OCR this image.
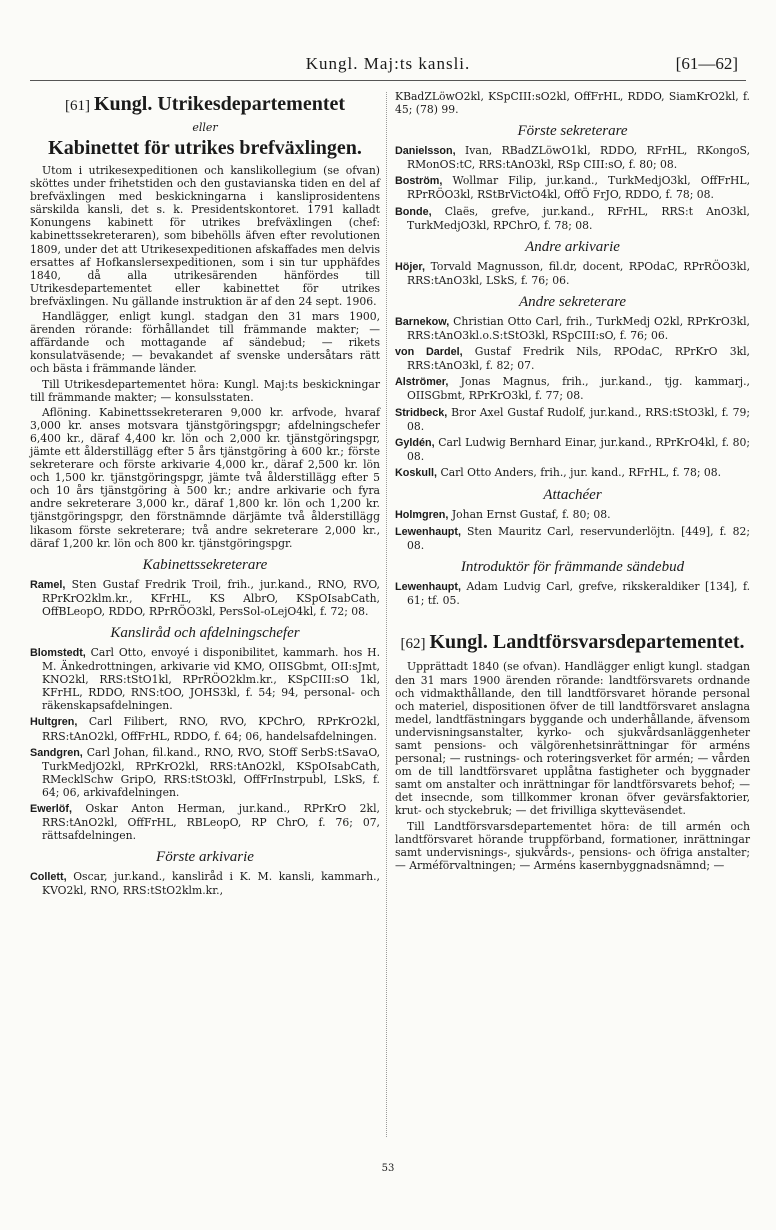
Kungl. Maj:ts kansli.	[61—62]
[61] Kungl. Utrikesdepartementet
eller
Kabinettet för utrikes brefväxlingen.

Utom i utrikesexpeditionen och kanslikollegium (se ofvan) sköttes under frihetstiden och den gustavianska tiden en del af brefväxlingen med beskickningarna i kansliprosidentens särskilda kansli, det s. k. Presidentskontoret. 1791 kalladt Konungens kabinett för utrikes brefväxlingen (chef: kabinettssekreteraren), som bibehölls äfven efter revolutionen 1809, under det att Utrikesexpeditionen afskaffades men delvis ersattes af Hofkanslersexpeditionen, som i sin tur upphäfdes 1840, då alla utrikesärenden hänfördes till Utrikesdepartementet eller kabinettet för utrikes brefväxlingen. Nu gällande instruktion är af den 24 sept. 1906.

Handlägger, enligt kungl. stadgan den 31 mars 1900, ärenden rörande: förhållandet till främmande makter; — affärdande och mottagande af sändebud; — rikets konsulatväsende; — bevakandet af svenske undersåtars rätt och bästa i främmande länder.

Till Utrikesdepartementet höra: Kungl. Maj:ts beskickningar till främmande makter; — konsulsstaten.

Aflöning. Kabinettssekreteraren 9,000 kr. arfvode, hvaraf 3,000 kr. anses motsvara tjänstgöringspgr; afdelningschefer 6,400 kr., däraf 4,400 kr. lön och 2,000 kr. tjänstgöringspgr, jämte ett ålderstillägg efter 5 års tjänstgöring à 600 kr.; förste sekreterare och förste arkivarie 4,000 kr., däraf 2,500 kr. lön och 1,500 kr. tjänstgöringspgr, jämte två ålderstillägg efter 5 och 10 års tjänstgöring à 500 kr.; andre arkivarie och fyra andre sekreterare 3,000 kr., däraf 1,800 kr. lön och 1,200 kr. tjänstgöringspgr, den förstnämnde därjämte två ålderstillägg likasom förste sekreterare; två andre sekreterare 2,000 kr., däraf 1,200 kr. lön och 800 kr. tjänstgöringspgr.

Kabinettssekreterare

Ramel, Sten Gustaf Fredrik Troil, frih., jur.kand., RNO, RVO, RPrKrO2klm.kr., KFrHL, KS AlbrO, KSpOIsabCath, OffBLeopO, RDDO, RPrRÖO3kl, PersSol-oLejO4kl, f. 72; 08.

Kansliråd och afdelningschefer

Blomstedt, Carl Otto, envoyé i disponibilitet, kammarh. hos H. M. Änkedrottningen, arkivarie vid KMO, OIISGbmt, OII:sJmt, KNO2kl, RRS:tStO1kl, RPrRÖO2klm.kr., KSpCIII:sO 1kl, KFrHL, RDDO, RNS:tOO, JOHS3kl, f. 54; 94, personal- och räkenskapsafdelningen.

Hultgren, Carl Filibert, RNO, RVO, KPChrO, RPrKrO2kl, RRS:tAnO2kl, OffFrHL, RDDO, f. 64; 06, handelsafdelningen.

Sandgren, Carl Johan, fil.kand., RNO, RVO, StOff SerbS:tSavaO, TurkMedjO2kl, RPrKrO2kl, RRS:tAnO2kl, KSpOIsabCath, RMecklSchw GripO, RRS:tStO3kl, OffFrInstrpubl, LSkS, f. 64; 06, arkivafdelningen.

Ewerlöf, Oskar Anton Herman, jur.kand., RPrKrO 2kl, RRS:tAnO2kl, OffFrHL, RBLeopO, RP ChrO, f. 76; 07, rättsafdelningen.

Förste arkivarie

Collett, Oscar, jur.kand., kansliråd i K. M. kansli, kammarh., KVO2kl, RNO, RRS:tStO2klm.kr.,

KBadZLöwO2kl, KSpCIII:sO2kl, OffFrHL, RDDO, SiamKrO2kl, f. 45; (78) 99.

Förste sekreterare

Danielsson, Ivan, RBadZLöwO1kl, RDDO, RFrHL, RKongoS, RMonOS:tC, RRS:tAnO3kl, RSp CIII:sO, f. 80; 08.

Boström, Wollmar Filip, jur.kand., TurkMedjO3kl, OffFrHL, RPrRÖO3kl, RStBrVictO4kl, OffÖ FrJO, RDDO, f. 78; 08.

Bonde, Claës, grefve, jur.kand., RFrHL, RRS:t AnO3kl, TurkMedjO3kl, RPChrO, f. 78; 08.

Andre arkivarie

Höjer, Torvald Magnusson, fil.dr, docent, RPOdaC, RPrRÖO3kl, RRS:tAnO3kl, LSkS, f. 76; 06.

Andre sekreterare

Barnekow, Christian Otto Carl, frih., TurkMedj O2kl, RPrKrO3kl, RRS:tAnO3kl.o.S:tStO3kl, RSpCIII:sO, f. 76; 06.

von Dardel, Gustaf Fredrik Nils, RPOdaC, RPrKrO 3kl, RRS:tAnO3kl, f. 82; 07.

Alströmer, Jonas Magnus, frih., jur.kand., tjg. kammarj., OIISGbmt, RPrKrO3kl, f. 77; 08.

Stridbeck, Bror Axel Gustaf Rudolf, jur.kand., RRS:tStO3kl, f. 79; 08.

Gyldén, Carl Ludwig Bernhard Einar, jur.kand., RPrKrO4kl, f. 80; 08.

Koskull, Carl Otto Anders, frih., jur. kand., RFrHL, f. 78; 08.

Attachéer

Holmgren, Johan Ernst Gustaf, f. 80; 08.

Lewenhaupt, Sten Mauritz Carl, reservunderlöjtn. [449], f. 82; 08.

Introduktör för främmande sändebud

Lewenhaupt, Adam Ludvig Carl, grefve, rikskeraldiker [134], f. 61; tf. 05.

[62] Kungl. Landtförsvarsdepartementet.

Upprättadt 1840 (se ofvan). Handlägger enligt kungl. stadgan den 31 mars 1900 ärenden rörande: landtförsvarets ordnande och vidmakthållande, den till landtförsvaret hörande personal och materiel, dispositionen öfver de till landtförsvaret anslagna medel, landtfästningars byggande och underhållande, äfvensom undervisningsanstalter, kyrko- och sjukvårdsanläggenheter samt pensions- och välgörenhetsinrättningar för arméns personal; — rustnings- och roteringsverket för armén; — vården om de till landtförsvaret upplåtna fastigheter och byggnader samt om anstalter och inrättningar för landtförsvarets behof; — det insecnde, som tillkommer kronan öfver gevärsfaktorier, krut- och styckebruk; — det frivilliga skytteväsendet.

Till Landtförsvarsdepartementet höra: de till armén och landtförsvaret hörande truppförband, formationer, inrättningar samt undervisnings-, sjukvårds-, pensions- och öfriga anstalter; — Arméförvaltningen; — Arméns kasernbyggnadsnämnd; —

53
